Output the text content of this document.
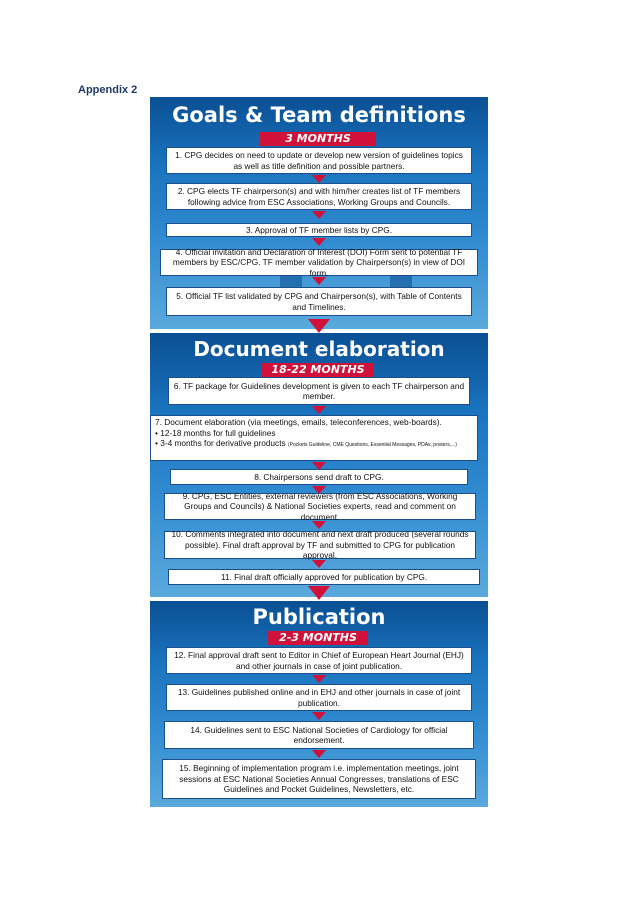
Appendix 2
Goals & Team definitions
3 MONTHS
1. CPG decides on need to update or develop new version of guidelines topics as well as title definition and possible partners.
2. CPG elects TF chairperson(s) and with him/her creates list of TF members following advice from ESC Associations, Working Groups and Councils.
3. Approval of TF member lists by CPG.
4. Official invitation and Declaration of Interest (DOI) Form sent to potential TF members by ESC/CPG. TF member validation by Chairperson(s) in view of DOI form.
5. Official TF list validated by CPG and Chairperson(s), with Table of Contents and Timelines.
Document elaboration
18-22 MONTHS
6. TF package for Guidelines development is given to each TF chairperson and member.
7. Document elaboration (via meetings, emails, teleconferences, web-boards).
• 12-18 months for full guidelines
• 3-4 months for derivative products (Pockets Guideline, CME Questions, Essential Messages, PDAs, posters,...)
8. Chairpersons send draft to CPG.
9. CPG, ESC Entities, external reviewers (from ESC Associations, Working Groups and Councils) & National Societies experts, read and comment on document.
10. Comments integrated into document and next draft produced (several rounds possible). Final draft approval by TF and submitted to CPG for publication approval.
11. Final draft officially approved for publication by CPG.
Publication
2-3 MONTHS
12. Final approval draft sent to Editor in Chief of European Heart Journal (EHJ) and other journals in case of joint publication.
13. Guidelines published online and in EHJ and other journals in case of joint publication.
14. Guidelines sent to ESC National Societies of Cardiology for official endorsement.
15. Beginning of implementation program i.e. implementation meetings, joint sessions at ESC National Societies Annual Congresses, translations of ESC Guidelines and Pocket Guidelines, Newsletters, etc.
